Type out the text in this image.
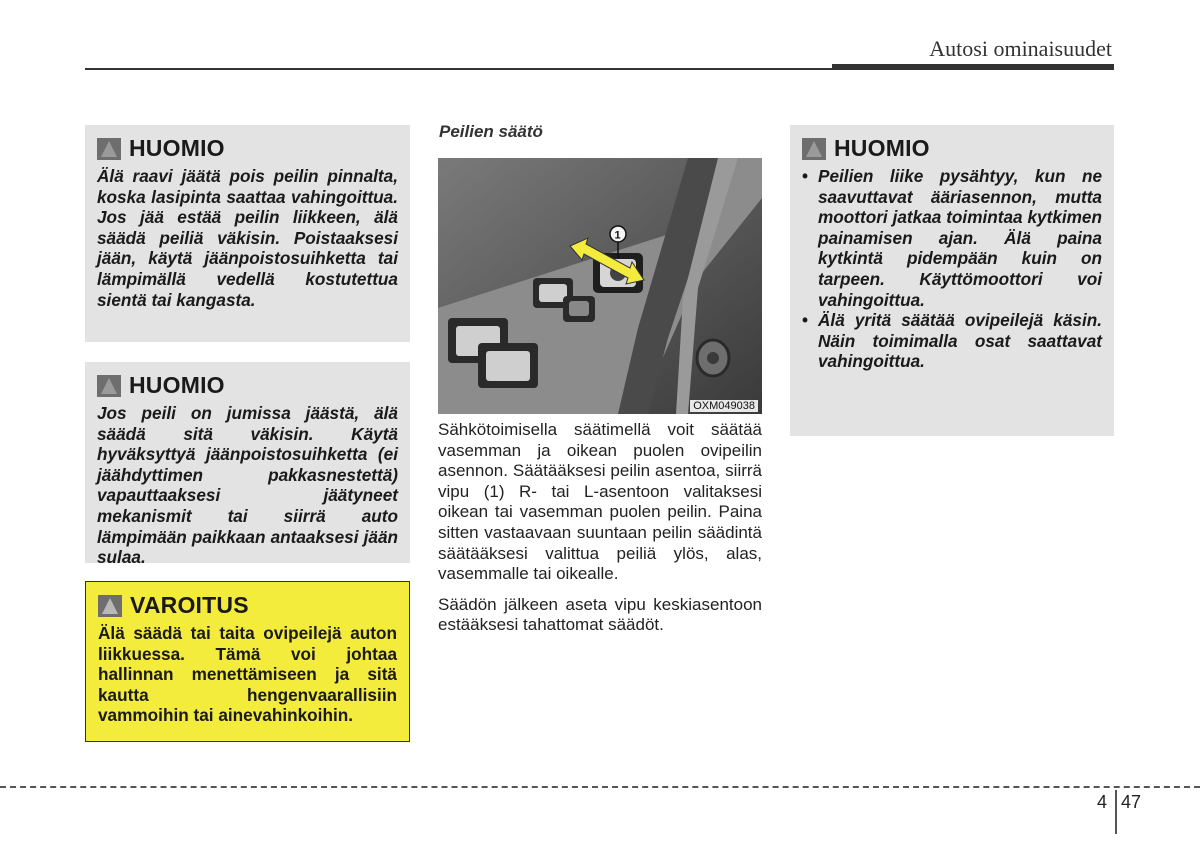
Autosi ominaisuudet
HUOMIO
Älä raavi jäätä pois peilin pinnalta, koska lasipinta saattaa vahingoittua. Jos jää estää peilin liikkeen, älä säädä peiliä väkisin. Poistaaksesi jään, käytä jäänpoistosuihketta tai lämpimällä vedellä kostutettua sientä tai kangasta.
HUOMIO
Jos peili on jumissa jäästä, älä säädä sitä väkisin. Käytä hyväksyttyä jäänpoistosuihketta (ei jäähdyttimen pakkasnestettä) vapauttaaksesi jäätyneet mekanismit tai siirrä auto lämpimään paikkaan antaaksesi jään sulaa.
VAROITUS
Älä säädä tai taita ovipeilejä auton liikkuessa. Tämä voi johtaa hallinnan menettämiseen ja sitä kautta hengenvaarallisiin vammoihin tai ainevahinkoihin.
Peilien säätö
1
OXM049038

Sähkötoimisella säätimellä voit säätää vasemman ja oikean puolen ovipeilin asennon. Säätääksesi peilin asentoa, siirrä vipu (1) R- tai L-asentoon valitaksesi oikean tai vasemman puolen peilin. Paina sitten vastaavaan suuntaan peilin säädintä säätääksesi valittua peiliä ylös, alas, vasemmalle tai oikealle.

Säädön jälkeen aseta vipu keskiasentoon estääksesi tahattomat säädöt.

HUOMIO
• Peilien liike pysähtyy, kun ne saavuttavat ääriasennon, mutta moottori jatkaa toimintaa kytkimen painamisen ajan. Älä paina kytkintä pidempään kuin on tarpeen. Käyttömoottori voi vahingoittua.
• Älä yritä säätää ovipeilejä käsin. Näin toimimalla osat saattavat vahingoittua.
4 47
